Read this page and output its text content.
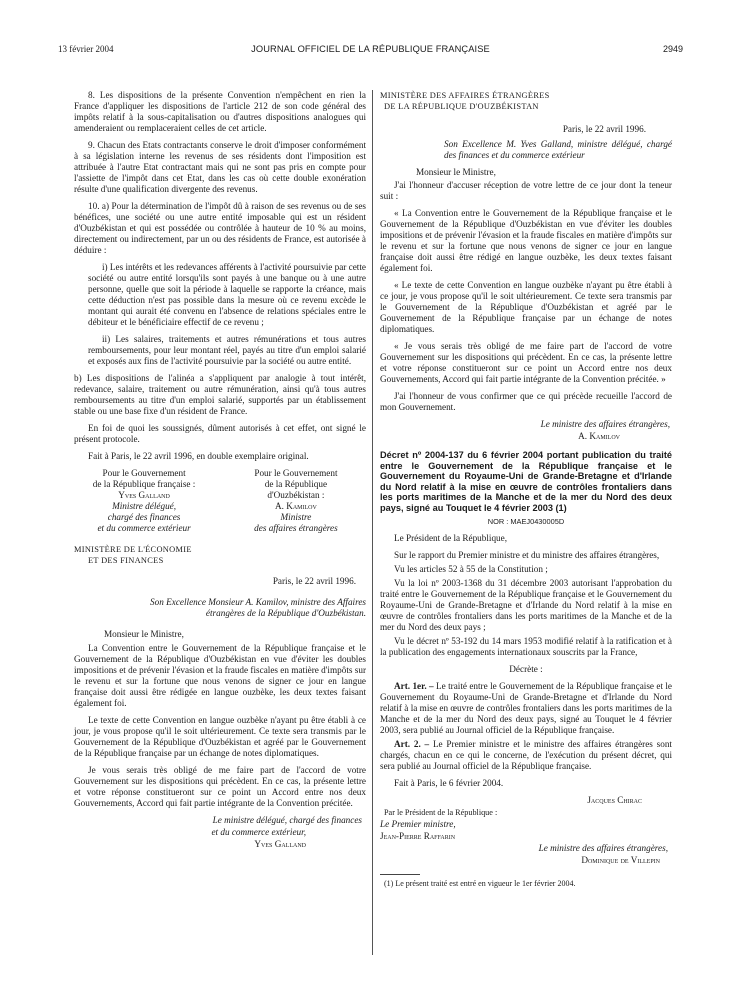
13 février 2004	JOURNAL OFFICIEL DE LA RÉPUBLIQUE FRANÇAISE	2949

8. Les dispositions de la présente Convention n'empêchent en rien la France d'appliquer les dispositions de l'article 212 de son code général des impôts relatif à la sous-capitalisation ou d'autres dispositions analogues qui amenderaient ou remplaceraient celles de cet article.

9. Chacun des Etats contractants conserve le droit d'imposer conformément à sa législation interne les revenus de ses résidents dont l'imposition est attribuée à l'autre Etat contractant mais qui ne sont pas pris en compte pour l'assiette de l'impôt dans cet Etat, dans les cas où cette double exonération résulte d'une qualification divergente des revenus.

10. a) Pour la détermination de l'impôt dû à raison de ses revenus ou de ses bénéfices, une société ou une autre entité imposable qui est un résident d'Ouzbékistan et qui est possédée ou contrôlée à hauteur de 10 % au moins, directement ou indirectement, par un ou des résidents de France, est autorisée à déduire :

i) Les intérêts et les redevances afférents à l'activité poursuivie par cette société ou autre entité lorsqu'ils sont payés à une banque ou à une autre personne, quelle que soit la période à laquelle se rapporte la créance, mais cette déduction n'est pas possible dans la mesure où ce revenu excède le montant qui aurait été convenu en l'absence de relations spéciales entre le débiteur et le bénéficiaire effectif de ce revenu ;

ii) Les salaires, traitements et autres rémunérations et tous autres remboursements, pour leur montant réel, payés au titre d'un emploi salarié et exposés aux fins de l'activité poursuivie par la société ou autre entité.

b) Les dispositions de l'alinéa a s'appliquent par analogie à tout intérêt, redevance, salaire, traitement ou autre rémunération, ainsi qu'à tous autres remboursements au titre d'un emploi salarié, supportés par un établissement stable ou une base fixe d'un résident de France.

En foi de quoi les soussignés, dûment autorisés à cet effet, ont signé le présent protocole.

Fait à Paris, le 22 avril 1996, en double exemplaire original.

Pour le Gouvernement
de la République française :
Yves Galland
Ministre délégué,
chargé des finances
et du commerce extérieur
Pour le Gouvernement
de la République
d'Ouzbékistan :
A. Kamilov
Ministre
des affaires étrangères
MINISTÈRE DE L'ÉCONOMIE
ET DES FINANCES

Paris, le 22 avril 1996.

Son Excellence Monsieur A. Kamilov, ministre des Affaires étrangères de la République d'Ouzbékistan.

Monsieur le Ministre,

La Convention entre le Gouvernement de la République française et le Gouvernement de la République d'Ouzbékistan en vue d'éviter les doubles impositions et de prévenir l'évasion et la fraude fiscales en matière d'impôts sur le revenu et sur la fortune que nous venons de signer ce jour en langue française doit aussi être rédigée en langue ouzbèke, les deux textes faisant également foi.

Le texte de cette Convention en langue ouzbèke n'ayant pu être établi à ce jour, je vous propose qu'il le soit ultérieurement. Ce texte sera transmis par le Gouvernement de la République d'Ouzbékistan et agréé par le Gouvernement de la République française par un échange de notes diplomatiques.

Je vous serais très obligé de me faire part de l'accord de votre Gouvernement sur les dispositions qui précèdent. En ce cas, la présente lettre et votre réponse constitueront sur ce point un Accord entre nos deux Gouvernements, Accord qui fait partie intégrante de la Convention précitée.

Le ministre délégué, chargé des finances

et du commerce extérieur,

Yves Galland

MINISTÈRE DES AFFAIRES ÉTRANGÈRES
DE LA RÉPUBLIQUE D'OUZBÉKISTAN

Paris, le 22 avril 1996.

Son Excellence M. Yves Galland, ministre délégué, chargé des finances et du commerce extérieur

Monsieur le Ministre,

J'ai l'honneur d'accuser réception de votre lettre de ce jour dont la teneur suit :

« La Convention entre le Gouvernement de la République française et le Gouvernement de la République d'Ouzbékistan en vue d'éviter les doubles impositions et de prévenir l'évasion et la fraude fiscales en matière d'impôts sur le revenu et sur la fortune que nous venons de signer ce jour en langue française doit aussi être rédigé en langue ouzbèke, les deux textes faisant également foi.

« Le texte de cette Convention en langue ouzbèke n'ayant pu être établi à ce jour, je vous propose qu'il le soit ultérieurement. Ce texte sera transmis par le Gouvernement de la République d'Ouzbékistan et agréé par le Gouvernement de la République française par un échange de notes diplomatiques.

« Je vous serais très obligé de me faire part de l'accord de votre Gouvernement sur les dispositions qui précèdent. En ce cas, la présente lettre et votre réponse constitueront sur ce point un Accord entre nos deux Gouvernements, Accord qui fait partie intégrante de la Convention précitée. »

J'ai l'honneur de vous confirmer que ce qui précède recueille l'accord de mon Gouvernement.

Le ministre des affaires étrangères,

A. Kamilov

Décret nº 2004-137 du 6 février 2004 portant publication du traité entre le Gouvernement de la République française et le Gouvernement du Royaume-Uni de Grande-Bretagne et d'Irlande du Nord relatif à la mise en œuvre de contrôles frontaliers dans les ports maritimes de la Manche et de la mer du Nord des deux pays, signé au Touquet le 4 février 2003 (1)
NOR : MAEJ0430005D

Le Président de la République,

Sur le rapport du Premier ministre et du ministre des affaires étrangères,

Vu les articles 52 à 55 de la Constitution ;

Vu la loi nº 2003-1368 du 31 décembre 2003 autorisant l'approbation du traité entre le Gouvernement de la République française et le Gouvernement du Royaume-Uni de Grande-Bretagne et d'Irlande du Nord relatif à la mise en œuvre de contrôles frontaliers dans les ports maritimes de la Manche et de la mer du Nord des deux pays ;

Vu le décret nº 53-192 du 14 mars 1953 modifié relatif à la ratification et à la publication des engagements internationaux souscrits par la France,

Décrète :

Art. 1er. – Le traité entre le Gouvernement de la République française et le Gouvernement du Royaume-Uni de Grande-Bretagne et d'Irlande du Nord relatif à la mise en œuvre de contrôles frontaliers dans les ports maritimes de la Manche et de la mer du Nord des deux pays, signé au Touquet le 4 février 2003, sera publié au Journal officiel de la République française.

Art. 2. – Le Premier ministre et le ministre des affaires étrangères sont chargés, chacun en ce qui le concerne, de l'exécution du présent décret, qui sera publié au Journal officiel de la République française.

Fait à Paris, le 6 février 2004.

Jacques Chirac

Par le Président de la République :

Le Premier ministre,

Jean-Pierre Raffarin

Le ministre des affaires étrangères,

Dominique de Villepin

(1) Le présent traité est entré en vigueur le 1er février 2004.
